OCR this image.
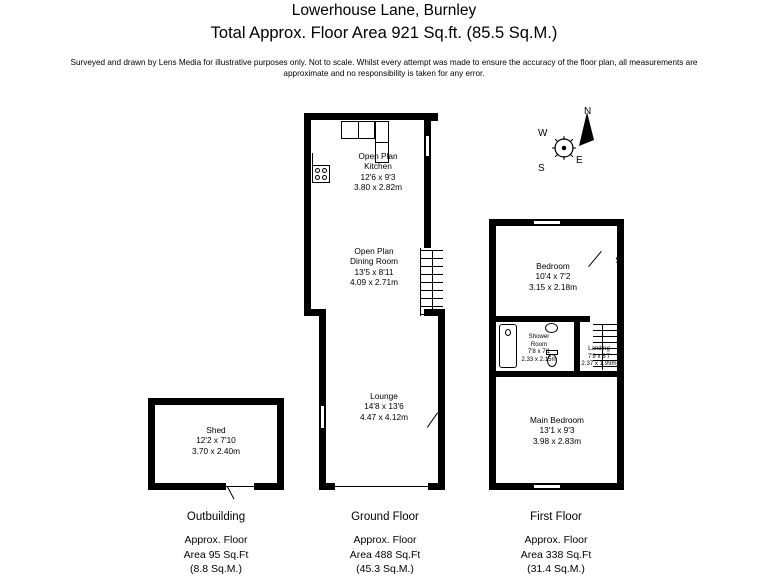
Lowerhouse Lane, Burnley
Total Approx. Floor Area 921 Sq.ft. (85.5 Sq.M.)
Surveyed and drawn by Lens Media for illustrative purposes only. Not to scale. Whilst every attempt was made to ensure the accuracy of the floor plan, all measurements are approximate and no responsibility is taken for any error.
N
W
E
S
Shed
12'2 x 7'10
3.70 x 2.40m
Open Plan
Kitchen
12'6 x 9'3
3.80 x 2.82m
Open Plan
Dining Room
13'5 x 8'11
4.09 x 2.71m
Lounge
14'8 x 13'6
4.47 x 4.12m
S
Bedroom
10'4 x 7'2
3.15 x 2.18m
Shower
Room
7'8 x 7'1
2.33 x 2.15m
Landing
7'9 x 6'7
2.37 x 1.99m
Main Bedroom
13'1 x 9'3
3.98 x 2.83m
Outbuilding
Approx. Floor
Area 95 Sq.Ft
(8.8 Sq.M.)
Ground Floor
Approx. Floor
Area 488 Sq.Ft
(45.3 Sq.M.)
First Floor
Approx. Floor
Area 338 Sq.Ft
(31.4 Sq.M.)
